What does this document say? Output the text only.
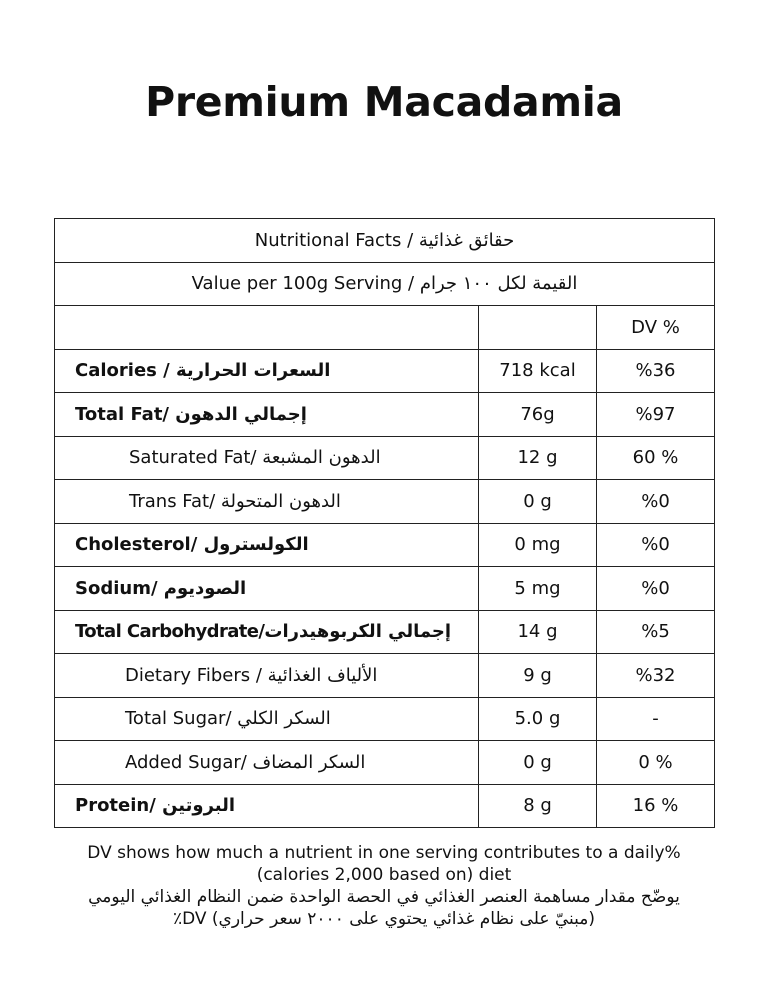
Premium Macadamia
Nutritional Facts / حقائق غذائية		
Value per 100g Serving / القيمة لكل ١٠٠ جرام		
		DV %
Calories / السعرات الحرارية	718 kcal	%36
Total Fat/ إجمالي الدهون	76g	%97
Saturated Fat/ الدهون المشبعة	12 g	60 %
Trans Fat/ الدهون المتحولة	0 g	%0
Cholesterol/ الكولسترول	0 mg	%0
Sodium/ الصوديوم	5 mg	%0
Total Carbohydrate/إجمالي الكربوهيدرات	14 g	%5
Dietary Fibers / الألياف الغذائية	9 g	%32
Total Sugar/ السكر الكلي	5.0 g	-
Added Sugar/ السكر المضاف	0 g	0 %
Protein/ البروتين	8 g	16 %
DV shows how much a nutrient in one serving contributes to a daily%
(calories 2,000 based on) diet
يوضّح مقدار مساهمة العنصر الغذائي في الحصة الواحدة ضمن النظام الغذائي اليومي
(مبنيّ على نظام غذائي يحتوي على ٢٠٠٠ سعر حراري) DV٪
